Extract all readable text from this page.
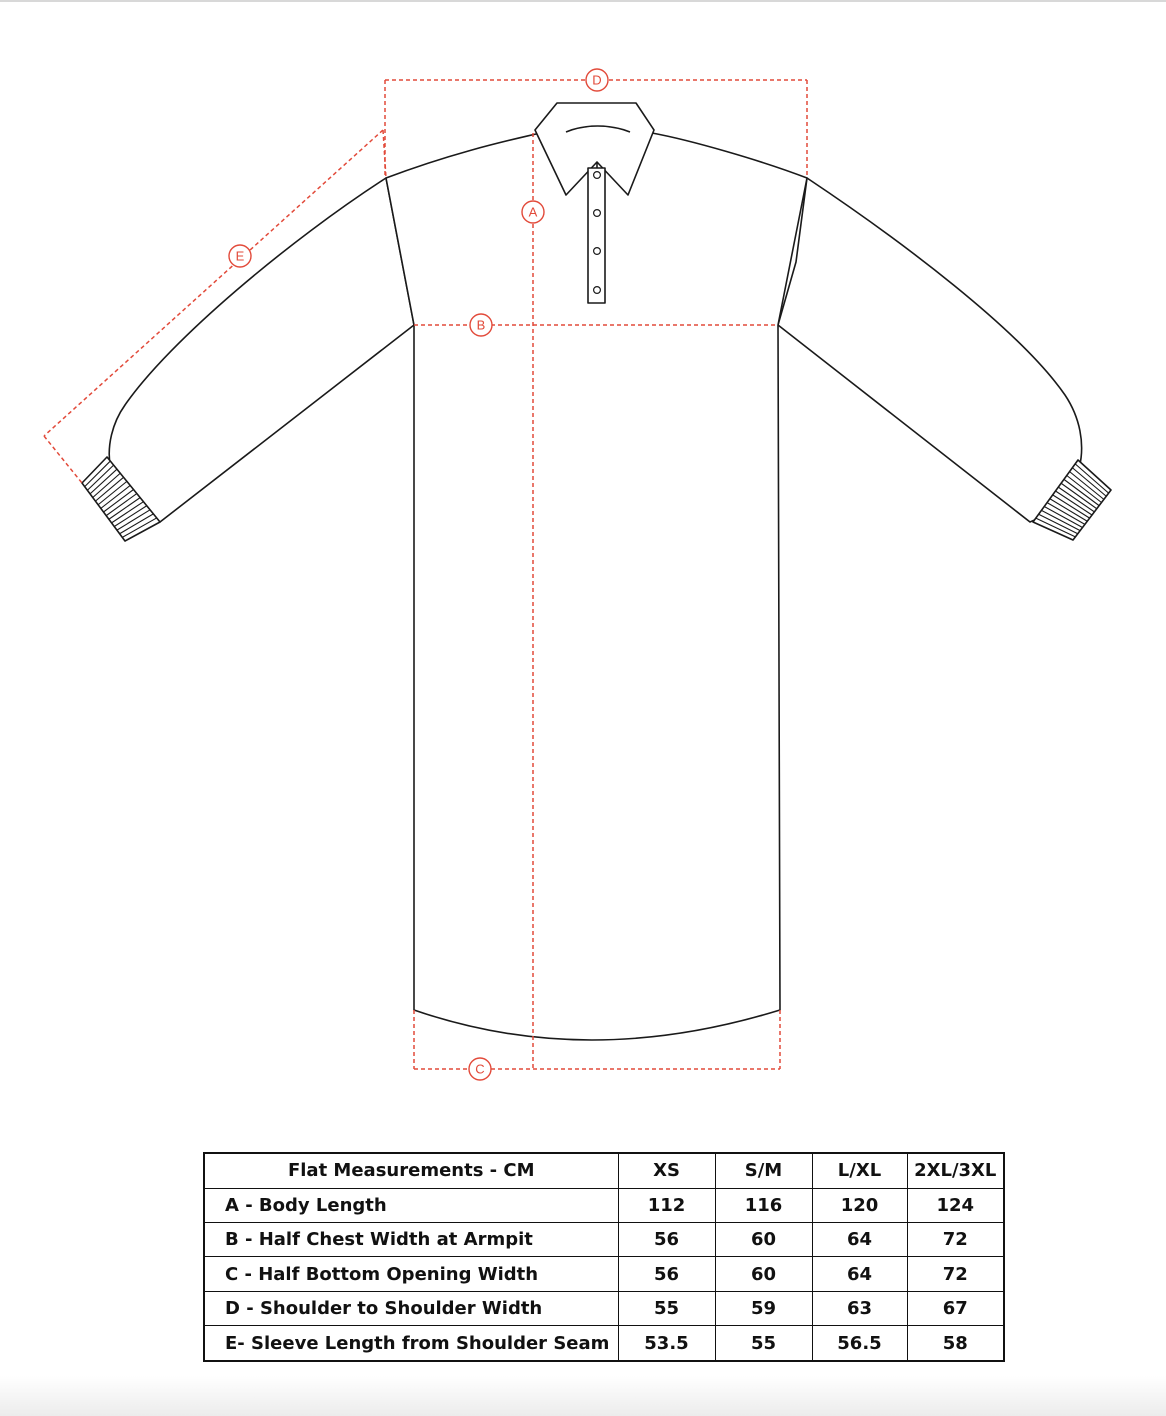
D
A
B
C
E
Flat Measurements - CM	XS	S/M	L/XL	2XL/3XL
A - Body Length	112	116	120	124
B - Half Chest Width at Armpit	56	60	64	72
C - Half Bottom Opening Width	56	60	64	72
D - Shoulder to Shoulder Width	55	59	63	67
E- Sleeve Length from Shoulder Seam	53.5	55	56.5	58
